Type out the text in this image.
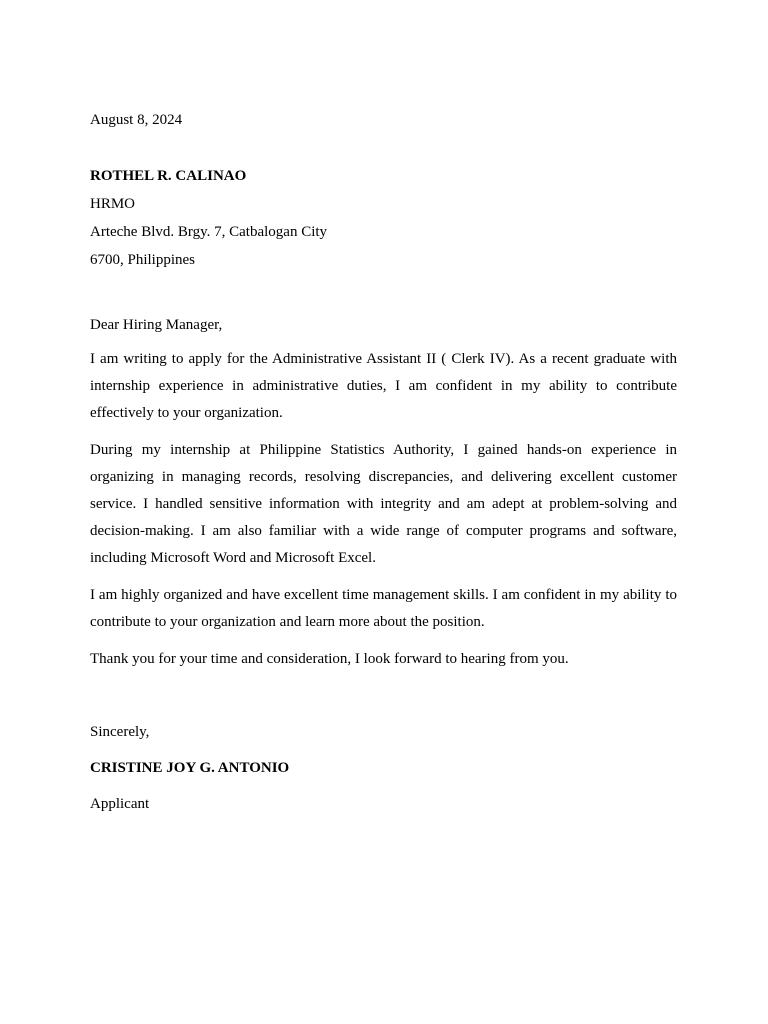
August 8, 2024

ROTHEL R. CALINAO

HRMO

Arteche Blvd. Brgy. 7, Catbalogan City

6700, Philippines

Dear Hiring Manager,

I am writing to apply for the Administrative Assistant II ( Clerk IV). As a recent graduate with internship experience in administrative duties, I am confident in my ability to contribute effectively to your organization.

During my internship at Philippine Statistics Authority, I gained hands-on experience in organizing in managing records, resolving discrepancies, and delivering excellent customer service. I handled sensitive information with integrity and am adept at problem-solving and decision-making. I am also familiar with a wide range of computer programs and software, including Microsoft Word and Microsoft Excel.

I am highly organized and have excellent time management skills. I am confident in my ability to contribute to your organization and learn more about the position.

Thank you for your time and consideration, I look forward to hearing from you.

Sincerely,

CRISTINE JOY G. ANTONIO

Applicant
